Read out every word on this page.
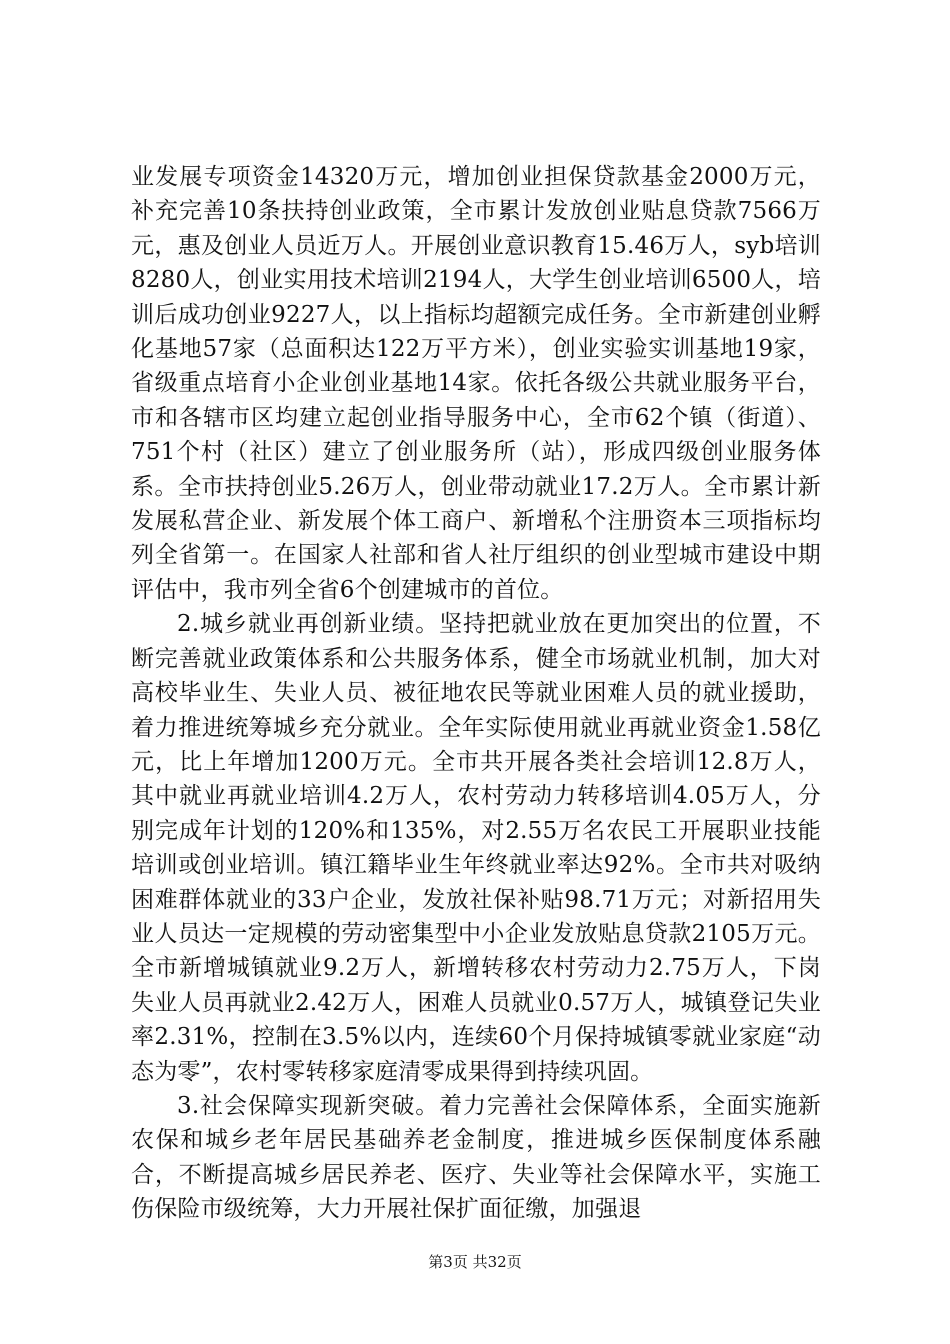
业发展专项资金14320万元，增加创业担保贷款基金2000万元，补充完善10条扶持创业政策，全市累计发放创业贴息贷款7566万元，惠及创业人员近万人。开展创业意识教育15.46万人，syb培训8280人，创业实用技术培训2194人，大学生创业培训6500人，培训后成功创业9227人，以上指标均超额完成任务。全市新建创业孵化基地57家（总面积达122万平方米），创业实验实训基地19家，省级重点培育小企业创业基地14家。依托各级公共就业服务平台，市和各辖市区均建立起创业指导服务中心，全市62个镇（街道）、751个村（社区）建立了创业服务所（站），形成四级创业服务体系。全市扶持创业5.26万人，创业带动就业17.2万人。全市累计新发展私营企业、新发展个体工商户、新增私个注册资本三项指标均列全省第一。在国家人社部和省人社厅组织的创业型城市建设中期评估中，我市列全省6个创建城市的首位。

2.城乡就业再创新业绩。坚持把就业放在更加突出的位置，不断完善就业政策体系和公共服务体系，健全市场就业机制，加大对高校毕业生、失业人员、被征地农民等就业困难人员的就业援助，着力推进统筹城乡充分就业。全年实际使用就业再就业资金1.58亿元，比上年增加1200万元。全市共开展各类社会培训12.8万人，其中就业再就业培训4.2万人，农村劳动力转移培训4.05万人，分别完成年计划的120%和135%，对2.55万名农民工开展职业技能培训或创业培训。镇江籍毕业生年终就业率达92%。全市共对吸纳困难群体就业的33户企业，发放社保补贴98.71万元；对新招用失业人员达一定规模的劳动密集型中小企业发放贴息贷款2105万元。全市新增城镇就业9.2万人，新增转移农村劳动力2.75万人，下岗失业人员再就业2.42万人，困难人员就业0.57万人，城镇登记失业率2.31%，控制在3.5%以内，连续60个月保持城镇零就业家庭“动态为零”，农村零转移家庭清零成果得到持续巩固。

3.社会保障实现新突破。着力完善社会保障体系，全面实施新农保和城乡老年居民基础养老金制度，推进城乡医保制度体系融合，不断提高城乡居民养老、医疗、失业等社会保障水平，实施工伤保险市级统筹，大力开展社保扩面征缴，加强退

第3页 共32页
